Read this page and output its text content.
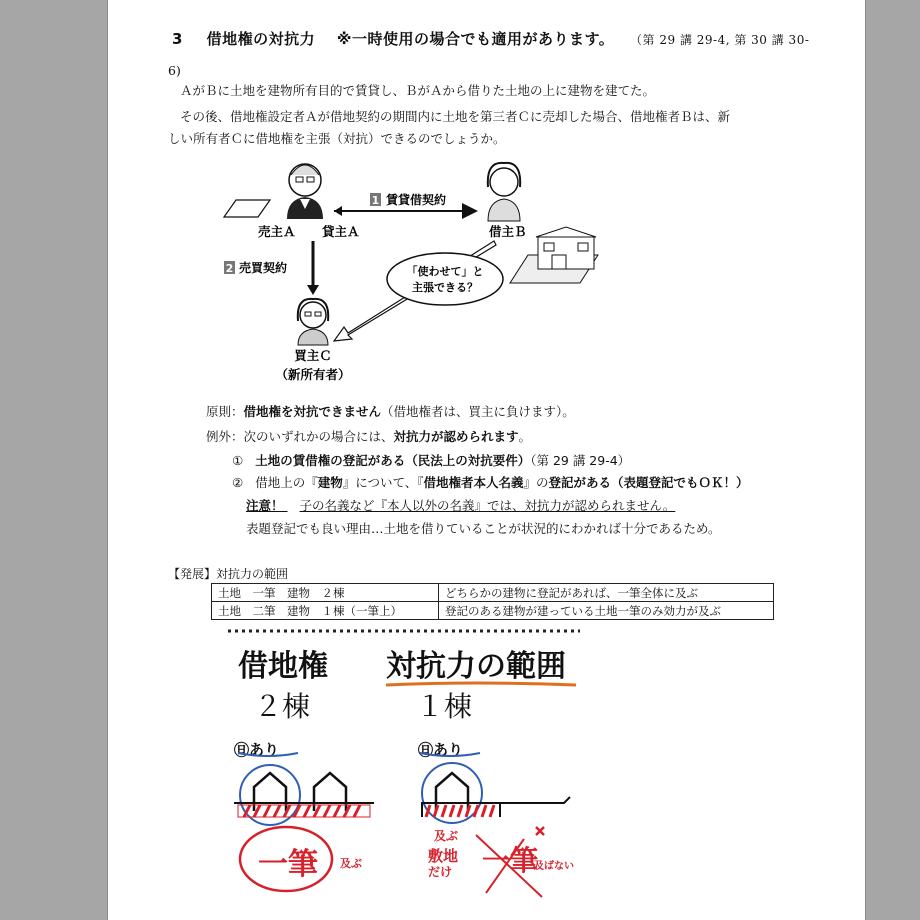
3 借地権の対抗力 ※一時使用の場合でも適用があります。 （第 29 講 29-4, 第 30 講 30-
6)
ＡがＢに土地を建物所有目的で賃貸し、ＢがＡから借りた土地の上に建物を建てた。
その後、借地権設定者Ａが借地契約の期間内に土地を第三者Ｃに売却した場合、借地権者Ｂは、新
しい所有者Ｃに借地権を主張（対抗）できるのでしょうか。
1 賃貸借契約
売主Ａ 貸主Ａ	借主Ｂ
2 売買契約	「使わせて」と
主張できる？
買主Ｃ
（新所有者）
原則：借地権を対抗できません（借地権者は、買主に負けます）。
例外：次のいずれかの場合には、対抗力が認められます。
① 土地の賃借権の登記がある（民法上の対抗要件）（第 29 講 29-4）
② 借地上の『建物』について、『借地権者本人名義』の登記がある（表題登記でもＯＫ！）
注意！ 子の名義など『本人以外の名義』では、対抗力が認められません。
表題登記でも良い理由…土地を借りていることが状況的にわかれば十分であるため。
【発展】対抗力の範囲
土地　一筆　建物　２棟	どちらかの建物に登記があれば、一筆全体に及ぶ
土地　二筆　建物　１棟（一筆上）	登記のある建物が建っている土地一筆のみ効力が及ぶ
借地権 対抗力の範囲
２棟	１棟
㊐あり	㊐あり
一筆 及ぶ
及ぶ
敷地
だけ 一筆
及ばない
